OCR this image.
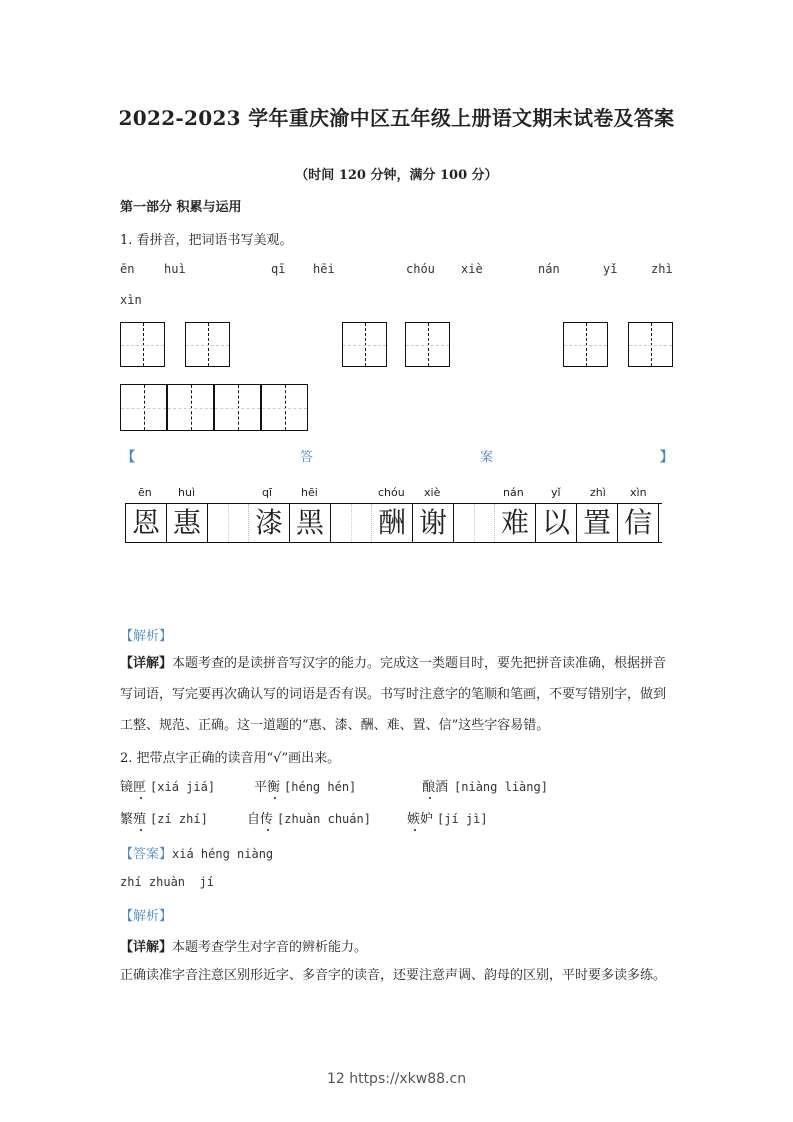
2022-2023 学年重庆渝中区五年级上册语文期末试卷及答案
（时间 120 分钟，满分 100 分）
第一部分 积累与运用
1. 看拼音，把词语书写美观。
ēn huì	qī hēi	chóu xiè	nán	yǐ	zhì
xìn
【	答	案	】
ēn huì	qī	hēi	chóu xiè	nán yǐ	zhì xìn
恩 惠 漆 黑 酬 谢 难 以 置 信
【解析】
【详解】本题考查的是读拼音写汉字的能力。完成这一类题目时，要先把拼音读准确，根据拼音写词语，写完要再次确认写的词语是否有误。书写时注意字的笔顺和笔画，不要写错别字，做到工整、规范、正确。这一道题的“惠、漆、酬、难、置、信”这些字容易错。
2. 把带点字正确的读音用“√”画出来。
镜匣 [xiá jiá]	平衡 [héng hén]	酿酒 [niàng liàng]
繁殖 [zí zhí]	自传 [zhuàn chuán]	嫉妒 [jí jì]
【答案】xiá héng niàng
zhí zhuàn  jí
【解析】
【详解】本题考查学生对字音的辨析能力。
正确读准字音注意区别形近字、多音字的读音，还要注意声调、韵母的区别，平时要多读多练。
12 https://xkw88.cn
